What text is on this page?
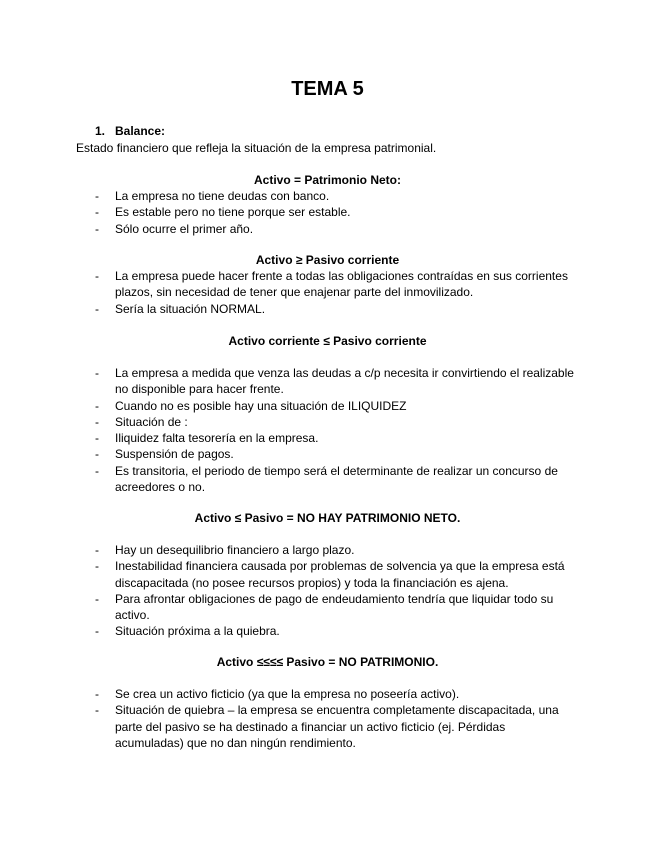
TEMA 5
1. Balance:
Estado financiero que refleja la situación de la empresa patrimonial.
Activo = Patrimonio Neto:
- La empresa no tiene deudas con banco.
- Es estable pero no tiene porque ser estable.
- Sólo ocurre el primer año.
Activo ≥ Pasivo corriente
- La empresa puede hacer frente a todas las obligaciones contraídas en sus corrientes plazos, sin necesidad de tener que enajenar parte del inmovilizado.
- Sería la situación NORMAL.
Activo corriente ≤ Pasivo corriente
- La empresa a medida que venza las deudas a c/p necesita ir convirtiendo el realizable no disponible para hacer frente.
- Cuando no es posible hay una situación de ILIQUIDEZ
- Situación de :
- Iliquidez falta tesorería en la empresa.
- Suspensión de pagos.
- Es transitoria, el periodo de tiempo será el determinante de realizar un concurso de acreedores o no.
Activo ≤ Pasivo = NO HAY PATRIMONIO NETO.
- Hay un desequilibrio financiero a largo plazo.
- Inestabilidad financiera causada por problemas de solvencia ya que la empresa está discapacitada (no posee recursos propios) y toda la financiación es ajena.
- Para afrontar obligaciones de pago de endeudamiento tendría que liquidar todo su activo.
- Situación próxima a la quiebra.
Activo ≤≤≤≤ Pasivo = NO PATRIMONIO.
- Se crea un activo ficticio (ya que la empresa no poseería activo).
- Situación de quiebra – la empresa se encuentra completamente discapacitada, una parte del pasivo se ha destinado a financiar un activo ficticio (ej. Pérdidas acumuladas) que no dan ningún rendimiento.
